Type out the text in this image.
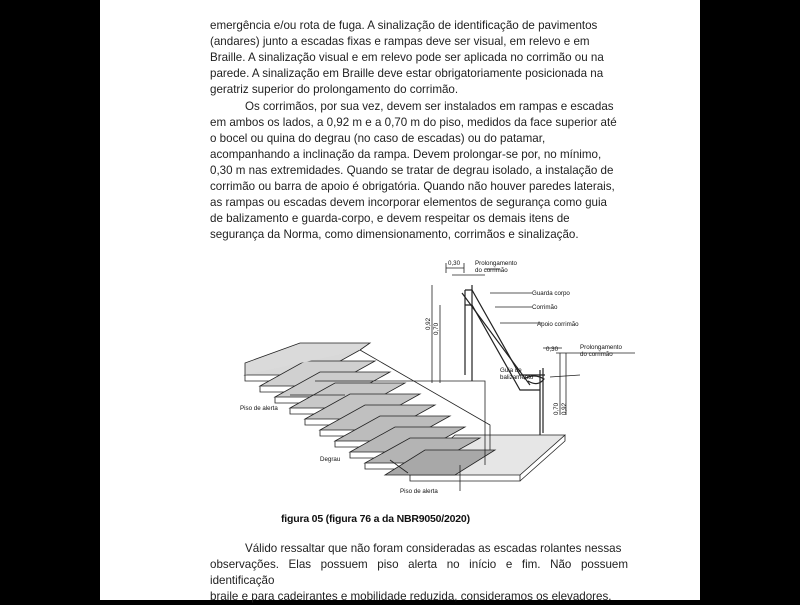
emergência e/ou rota de fuga. A sinalização de identificação de pavimentos
(andares) junto a escadas fixas e rampas deve ser visual, em relevo e em
Braille. A sinalização visual e em relevo pode ser aplicada no corrimão ou na
parede. A sinalização em Braille deve estar obrigatoriamente posicionada na
geratriz superior do prolongamento do corrimão.
Os corrimãos, por sua vez, devem ser instalados em rampas e escadas
em ambos os lados, a 0,92 m e a 0,70 m do piso, medidos da face superior até
o bocel ou quina do degrau (no caso de escadas) ou do patamar,
acompanhando a inclinação da rampa. Devem prolongar-se por, no mínimo,
0,30 m nas extremidades. Quando se tratar de degrau isolado, a instalação de
corrimão ou barra de apoio é obrigatória. Quando não houver paredes laterais,
as rampas ou escadas devem incorporar elementos de segurança como guia
de balizamento e guarda-corpo, e devem respeitar os demais itens de
segurança da Norma, como dimensionamento, corrimãos e sinalização.
0,30 Prolongamento
do corrimão
Guarda corpo
Corrimão
Apoio corrimão
0,30	Prolongamento
do corrimão
Guia de
balizamento
Piso de alerta
Degrau
Piso de alerta
0,92 0,70
0,70 0,92
figura 05 (figura 76 a da NBR9050/2020)
Válido ressaltar que não foram consideradas as escadas rolantes nessas
observações. Elas possuem piso alerta no início e fim. Não possuem identificação
braile e para cadeirantes e mobilidade reduzida, consideramos os elevadores.
